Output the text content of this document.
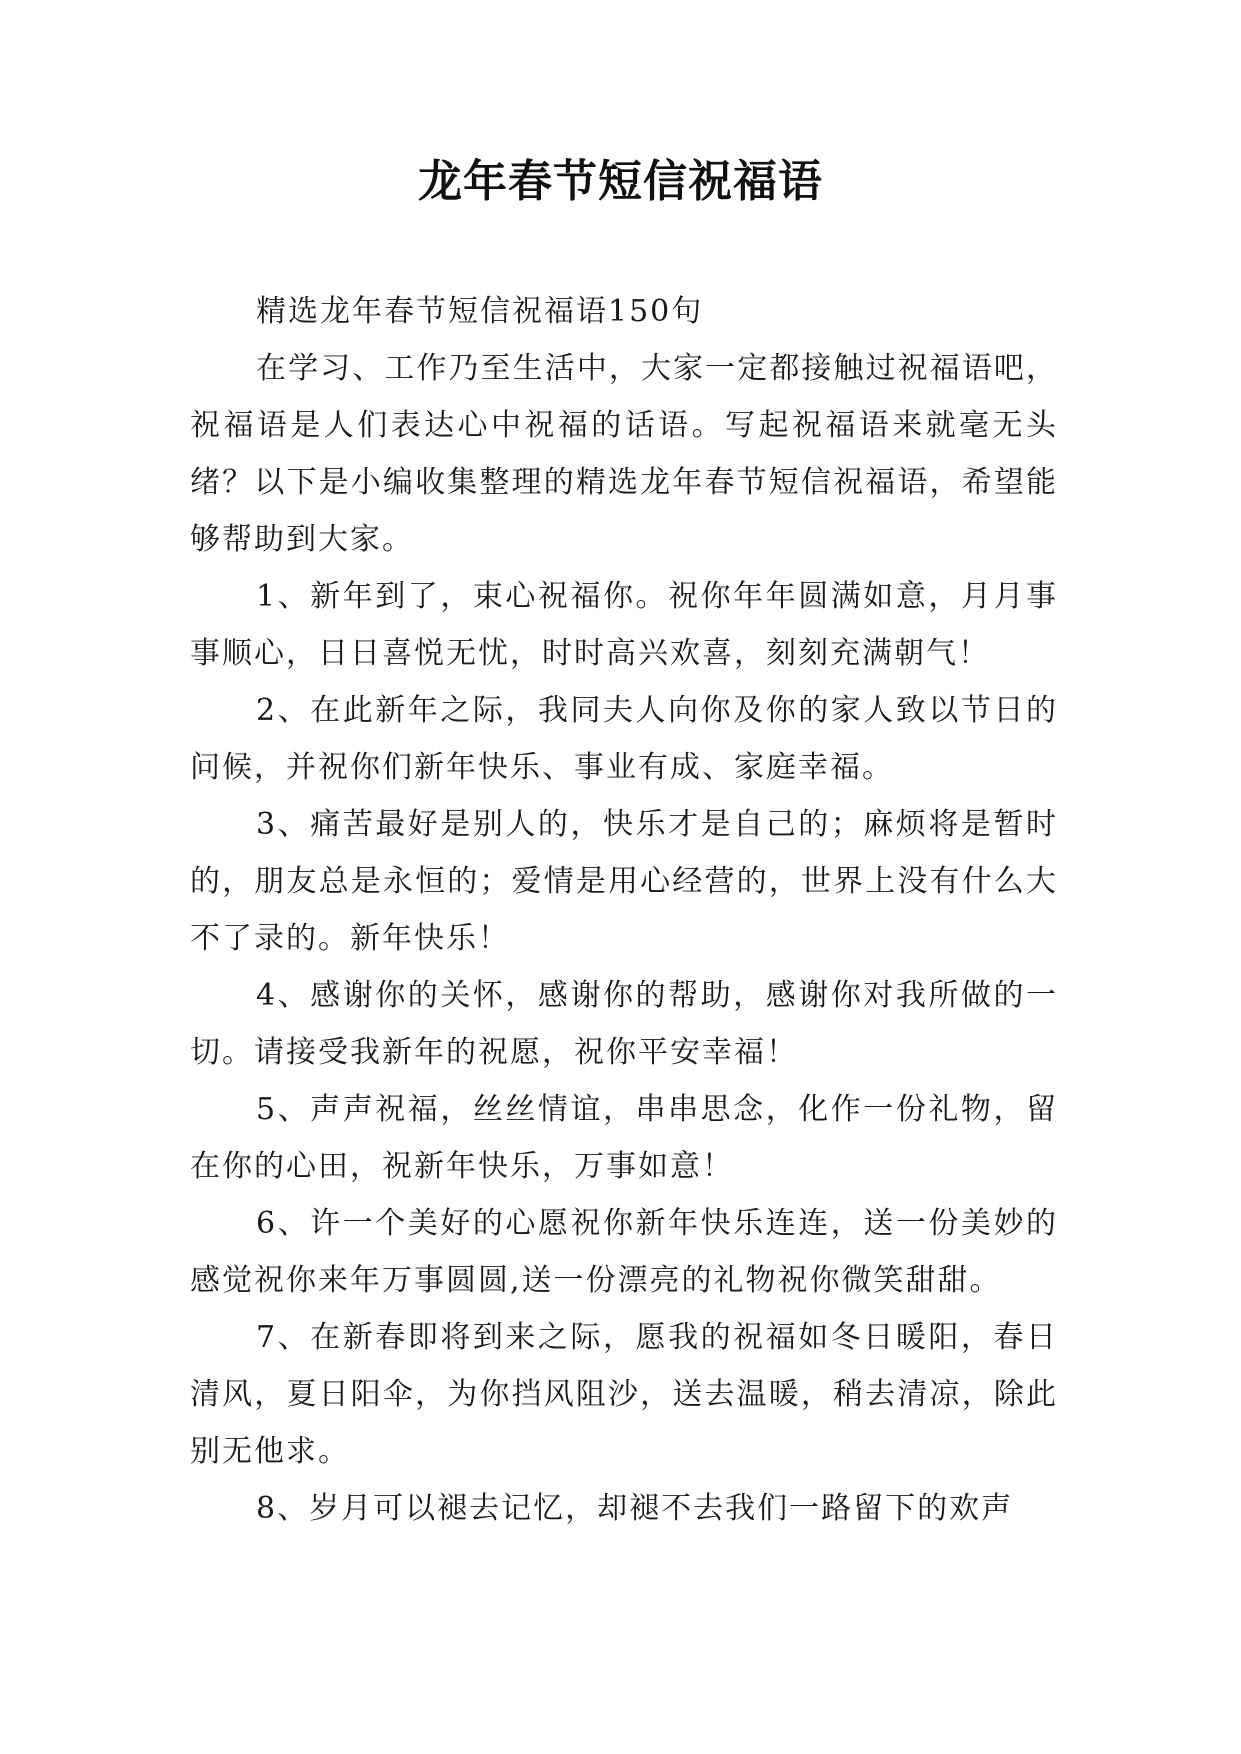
龙年春节短信祝福语

精选龙年春节短信祝福语150句

在学习、工作乃至生活中，大家一定都接触过祝福语吧，祝福语是人们表达心中祝福的话语。写起祝福语来就毫无头绪？以下是小编收集整理的精选龙年春节短信祝福语，希望能够帮助到大家。

1、新年到了，束心祝福你。祝你年年圆满如意，月月事事顺心，日日喜悦无忧，时时高兴欢喜，刻刻充满朝气！

2、在此新年之际，我同夫人向你及你的家人致以节日的问候，并祝你们新年快乐、事业有成、家庭幸福。

3、痛苦最好是别人的，快乐才是自己的；麻烦将是暂时的，朋友总是永恒的；爱情是用心经营的，世界上没有什么大不了录的。新年快乐！

4、感谢你的关怀，感谢你的帮助，感谢你对我所做的一切。请接受我新年的祝愿，祝你平安幸福！

5、声声祝福，丝丝情谊，串串思念，化作一份礼物，留在你的心田，祝新年快乐，万事如意！

6、许一个美好的心愿祝你新年快乐连连，送一份美妙的感觉祝你来年万事圆圆,送一份漂亮的礼物祝你微笑甜甜。

7、在新春即将到来之际，愿我的祝福如冬日暖阳，春日清风，夏日阳伞，为你挡风阻沙，送去温暖，稍去清凉，除此别无他求。

8、岁月可以褪去记忆，却褪不去我们一路留下的欢声
